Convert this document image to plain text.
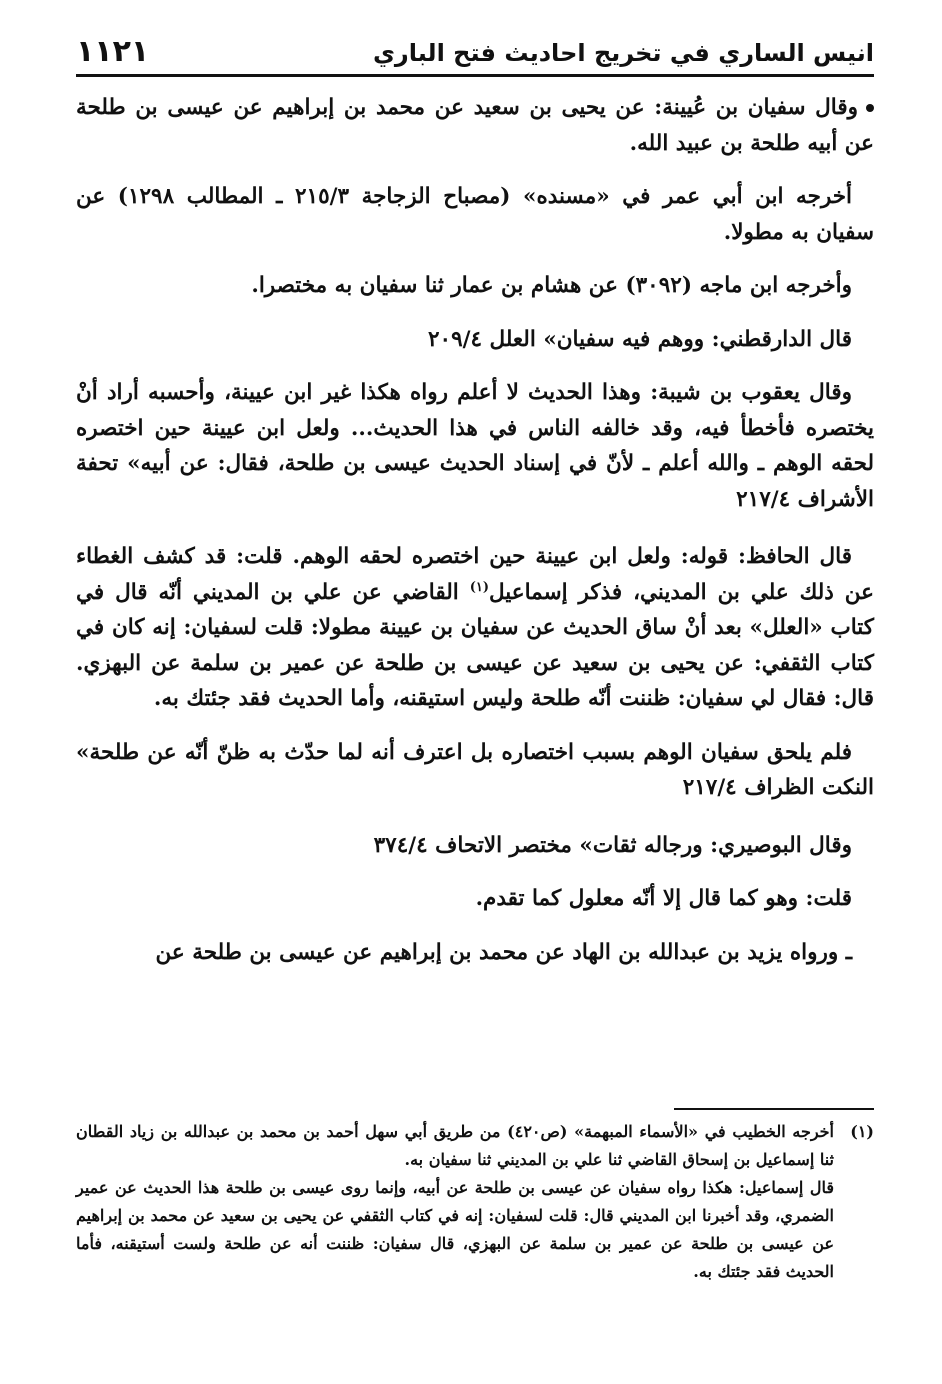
انيس الساري في تخريج احاديث فتح الباري
١١٢١

وقال سفيان بن عُيينة: عن يحيى بن سعيد عن محمد بن إبراهيم عن عيسى بن طلحة عن أبيه طلحة بن عبيد الله.

أخرجه ابن أبي عمر في «مسنده» (مصباح الزجاجة ٢١٥/٣ ـ المطالب ١٢٩٨) عن سفيان به مطولا.

وأخرجه ابن ماجه (٣٠٩٢) عن هشام بن عمار ثنا سفيان به مختصرا.

قال الدارقطني: ووهم فيه سفيان» العلل ٢٠٩/٤

وقال يعقوب بن شيبة: وهذا الحديث لا أعلم رواه هكذا غير ابن عيينة، وأحسبه أراد أنْ يختصره فأخطأ فيه، وقد خالفه الناس في هذا الحديث... ولعل ابن عيينة حين اختصره لحقه الوهم ـ والله أعلم ـ لأنّ في إسناد الحديث عيسى بن طلحة، فقال: عن أبيه» تحفة الأشراف ٢١٧/٤

قال الحافظ: قوله: ولعل ابن عيينة حين اختصره لحقه الوهم. قلت: قد كشف الغطاء عن ذلك علي بن المديني، فذكر إسماعيل$^{(١)}$ القاضي عن علي بن المديني أنّه قال في كتاب «العلل» بعد أنْ ساق الحديث عن سفيان بن عيينة مطولا: قلت لسفيان: إنه كان في كتاب الثقفي: عن يحيى بن سعيد عن عيسى بن طلحة عن عمير بن سلمة عن البهزي. قال: فقال لي سفيان: ظننت أنّه طلحة وليس استيقنه، وأما الحديث فقد جئتك به.

فلم يلحق سفيان الوهم بسبب اختصاره بل اعترف أنه لما حدّث به ظنّ أنّه عن طلحة» النكت الظراف ٢١٧/٤

وقال البوصيري: ورجاله ثقات» مختصر الاتحاف ٣٧٤/٤

قلت: وهو كما قال إلا أنّه معلول كما تقدم.

ـ ورواه يزيد بن عبدالله بن الهاد عن محمد بن إبراهيم عن عيسى بن طلحة عن

(١)
أخرجه الخطيب في «الأسماء المبهمة» (ص٤٢٠) من طريق أبي سهل أحمد بن محمد بن عبدالله بن زياد القطان ثنا إسماعيل بن إسحاق القاضي ثنا علي بن المديني ثنا سفيان به.

قال إسماعيل: هكذا رواه سفيان عن عيسى بن طلحة عن أبيه، وإنما روى عيسى بن طلحة هذا الحديث عن عمير الضمري، وقد أخبرنا ابن المديني قال: قلت لسفيان: إنه في كتاب الثقفي عن يحيى بن سعيد عن محمد بن إبراهيم عن عيسى بن طلحة عن عمير بن سلمة عن البهزي، قال سفيان: ظننت أنه عن طلحة ولست أستيقنه، فأما الحديث فقد جئتك به.
